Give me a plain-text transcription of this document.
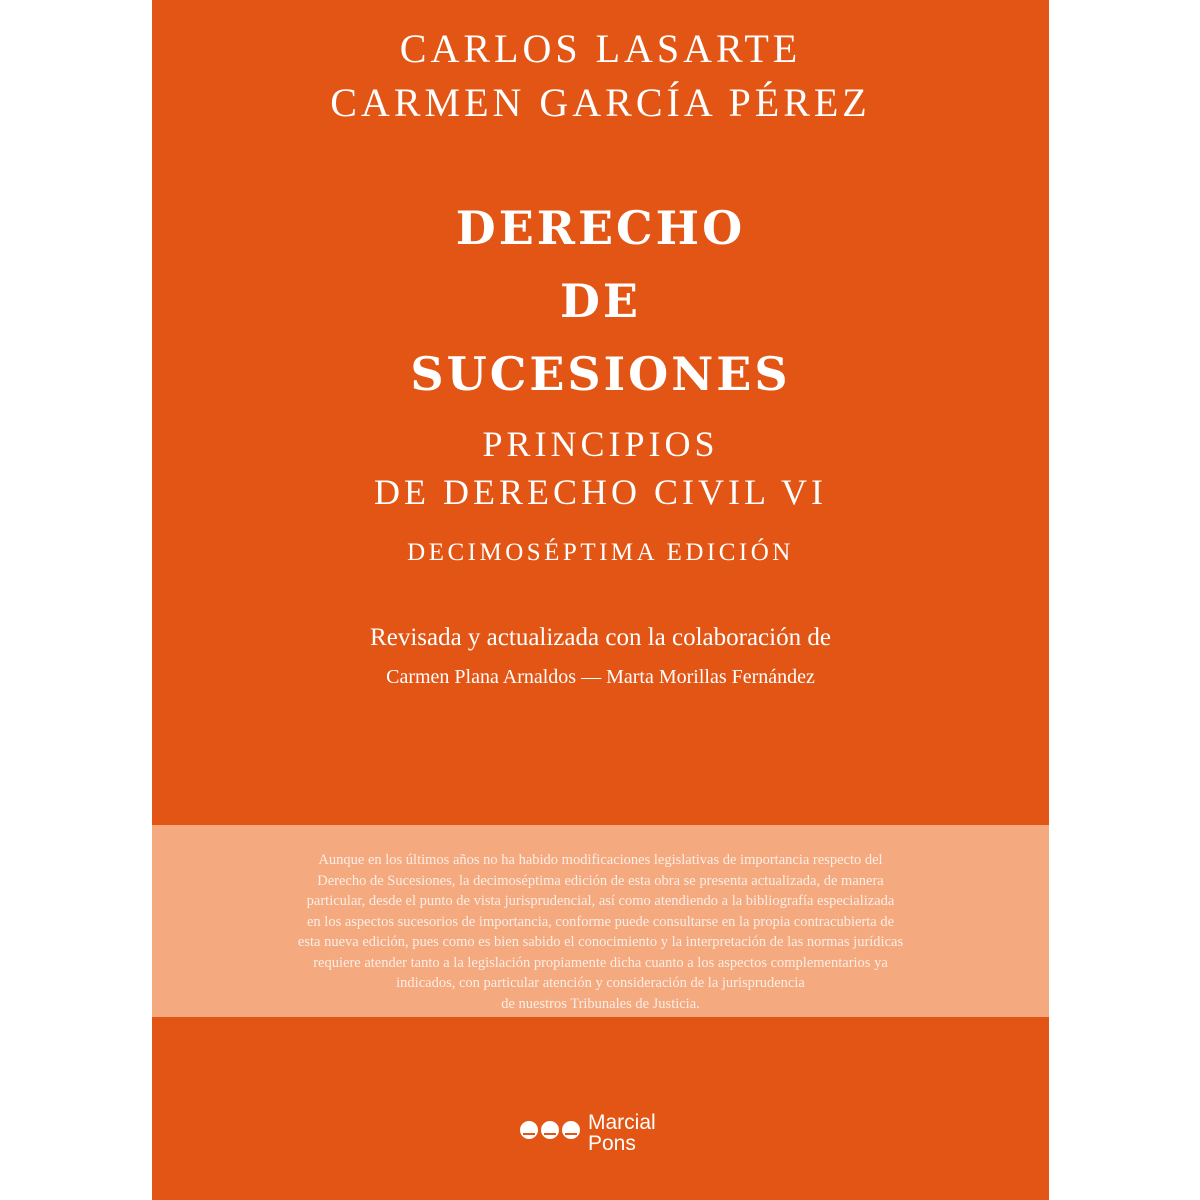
CARLOS LASARTE
CARMEN GARCÍA PÉREZ
DERECHO
DE
SUCESIONES
PRINCIPIOS
DE DERECHO CIVIL VI
DECIMOSÉPTIMA EDICIÓN
Revisada y actualizada con la colaboración de
Carmen Plana Arnaldos — Marta Morillas Fernández

Aunque en los últimos años no ha habido modificaciones legislativas de importancia respecto del
Derecho de Sucesiones, la decimoséptima edición de esta obra se presenta actualizada, de manera
particular, desde el punto de vista jurisprudencial, así como atendiendo a la bibliografía especializada
en los aspectos sucesorios de importancia, conforme puede consultarse en la propia contracubierta de
esta nueva edición, pues como es bien sabido el conocimiento y la interpretación de las normas jurídicas
requiere atender tanto a la legislación propiamente dicha cuanto a los aspectos complementarios ya
indicados, con particular atención y consideración de la jurisprudencia
de nuestros Tribunales de Justicia.

Marcial
Pons
